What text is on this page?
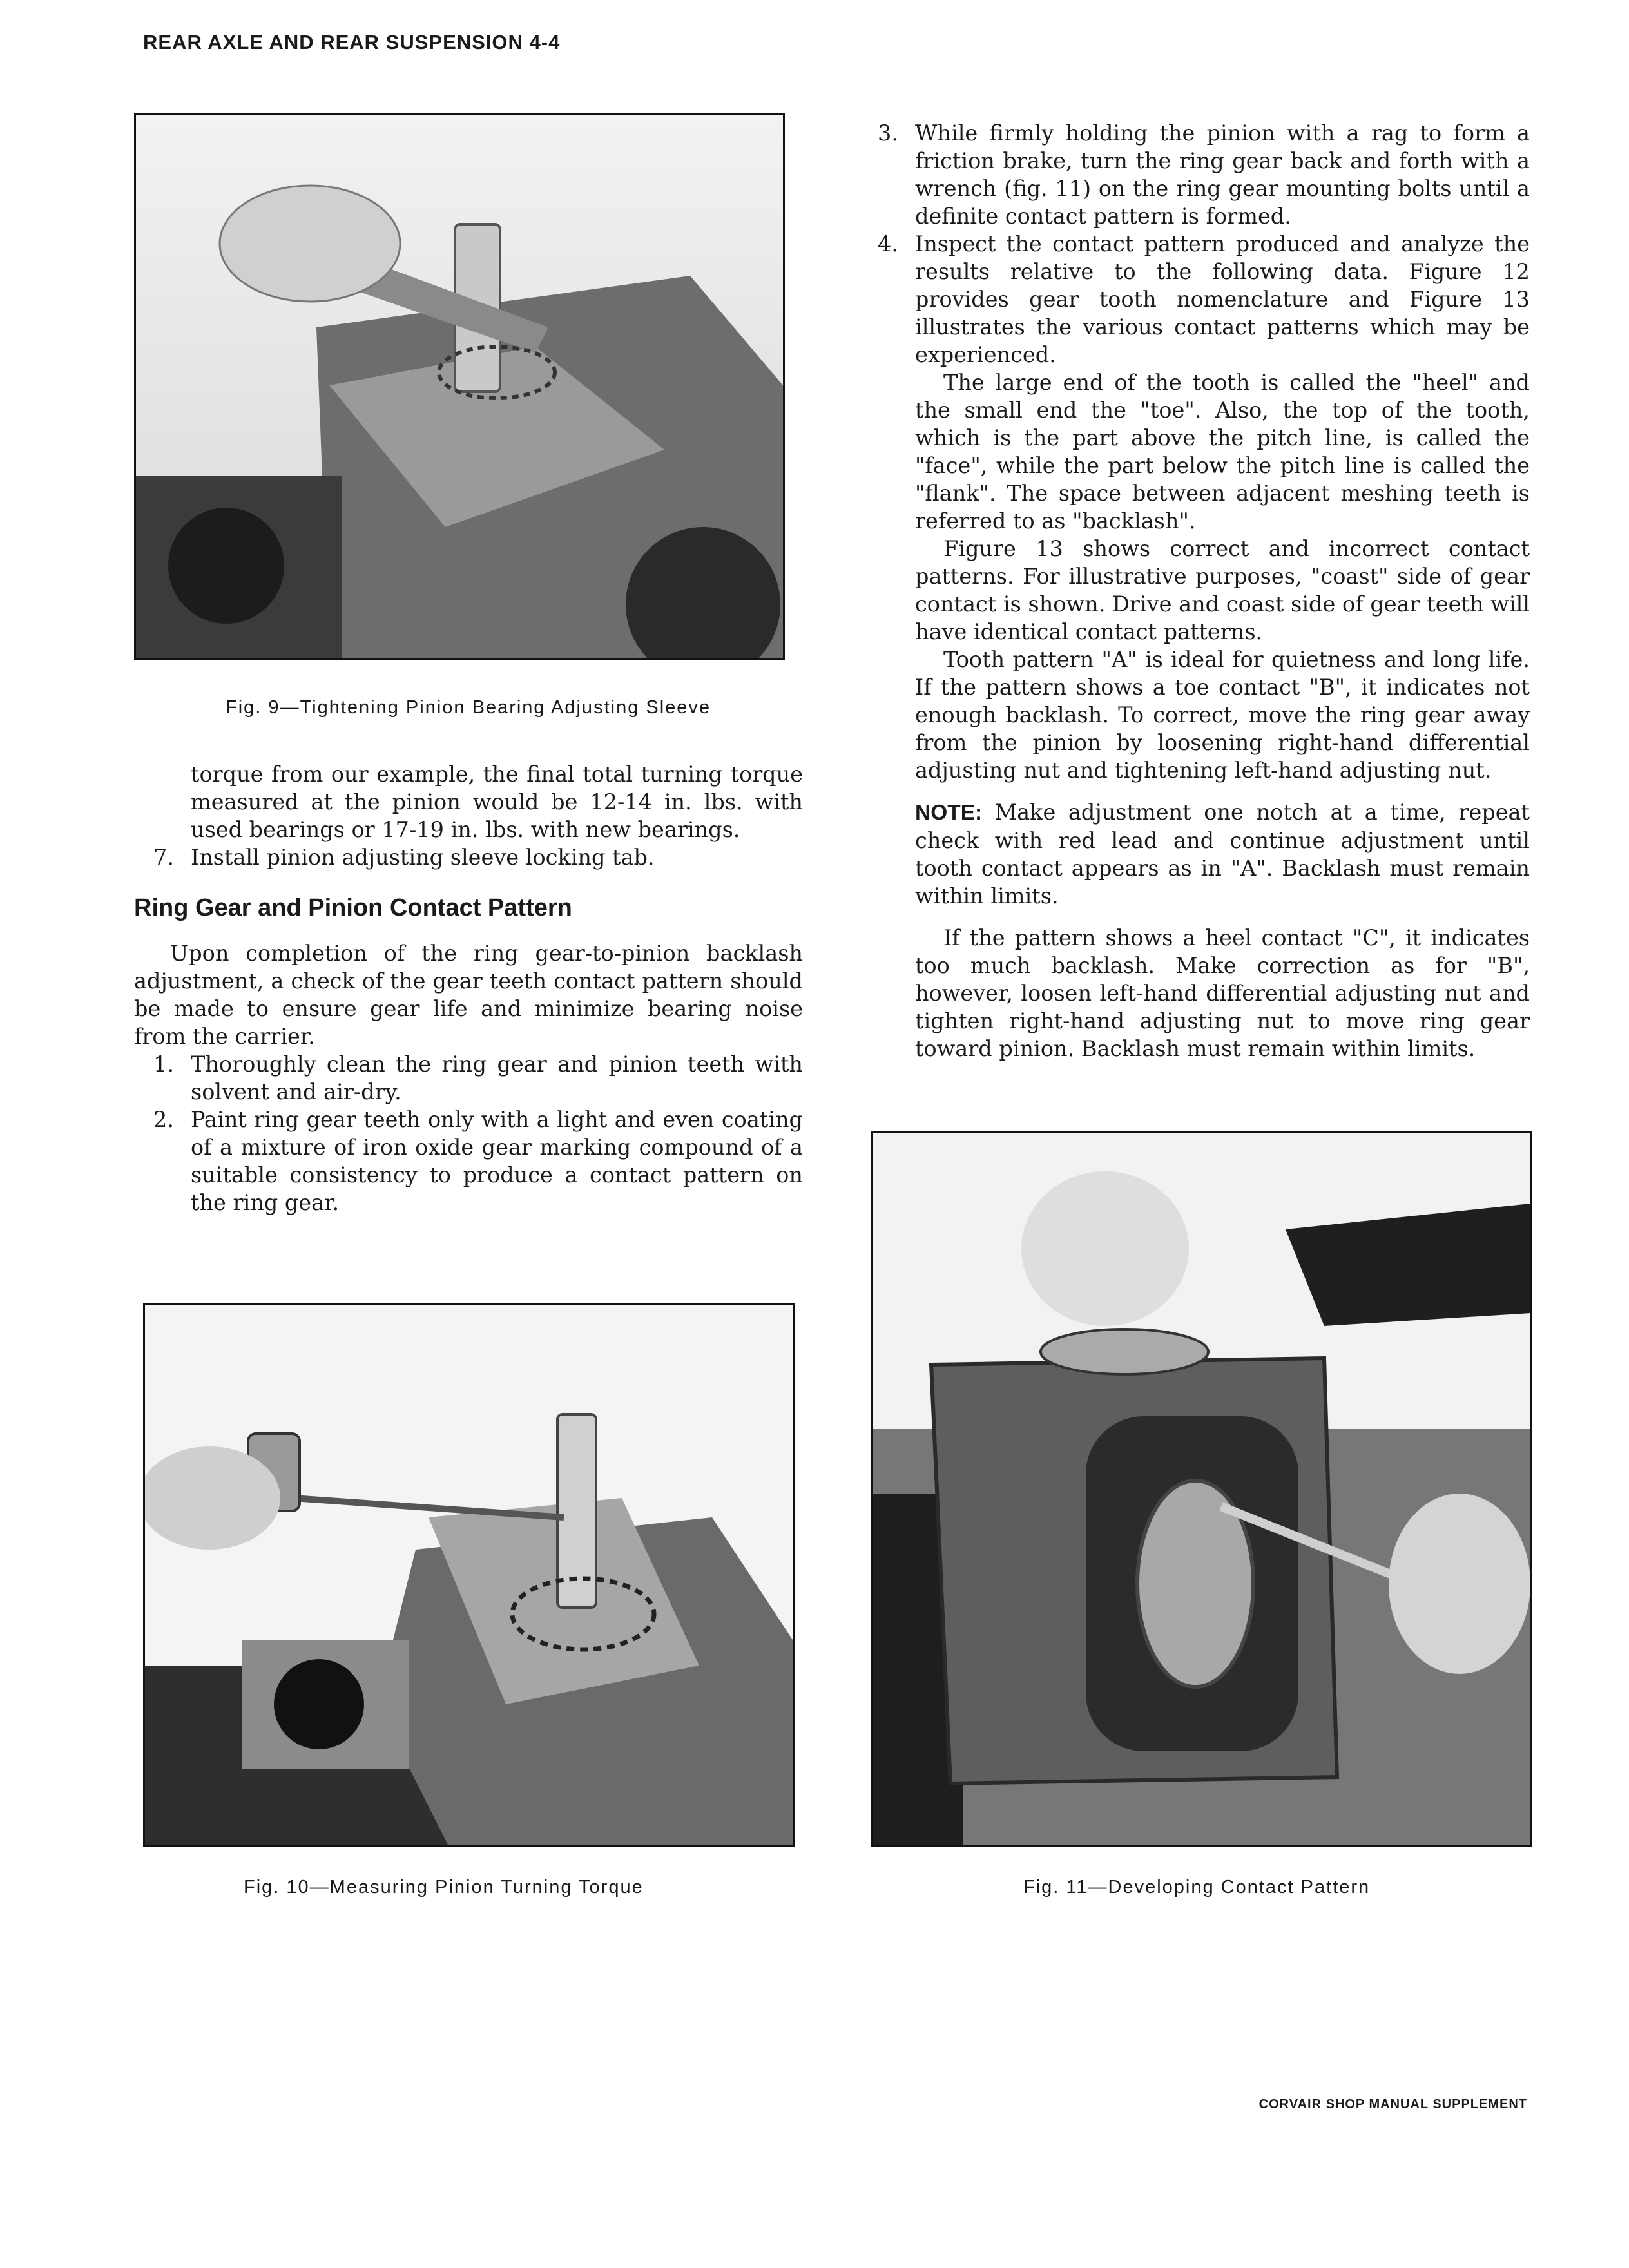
REAR AXLE AND REAR SUSPENSION 4-4
Fig. 9—Tightening Pinion Bearing Adjusting Sleeve

torque from our example, the final total turning torque measured at the pinion would be 12-14 in. lbs. with used bearings or 17-19 in. lbs. with new bearings.

7. Install pinion adjusting sleeve locking tab.

Ring Gear and Pinion Contact Pattern

Upon completion of the ring gear-to-pinion backlash adjustment, a check of the gear teeth contact pattern should be made to ensure gear life and minimize bearing noise from the carrier.

1. Thoroughly clean the ring gear and pinion teeth with solvent and air-dry.
2. Paint ring gear teeth only with a light and even coating of a mixture of iron oxide gear marking compound of a suitable consistency to produce a contact pattern on the ring gear.
Fig. 10—Measuring Pinion Turning Torque
3. While firmly holding the pinion with a rag to form a friction brake, turn the ring gear back and forth with a wrench (fig. 11) on the ring gear mounting bolts until a definite contact pattern is formed.
4. Inspect the contact pattern produced and analyze the results relative to the following data. Figure 12 provides gear tooth nomenclature and Figure 13 illustrates the various contact patterns which may be experienced.

The large end of the tooth is called the "heel" and the small end the "toe". Also, the top of the tooth, which is the part above the pitch line, is called the "face", while the part below the pitch line is called the "flank". The space between adjacent meshing teeth is referred to as "backlash".

Figure 13 shows correct and incorrect contact patterns. For illustrative purposes, "coast" side of gear contact is shown. Drive and coast side of gear teeth will have identical contact patterns.

Tooth pattern "A" is ideal for quietness and long life. If the pattern shows a toe contact "B", it indicates not enough backlash. To correct, move the ring gear away from the pinion by loosening right-hand differential adjusting nut and tightening left-hand adjusting nut.

NOTE: Make adjustment one notch at a time, repeat check with red lead and continue adjustment until tooth contact appears as in "A". Backlash must remain within limits.

If the pattern shows a heel contact "C", it indicates too much backlash. Make correction as for "B", however, loosen left-hand differential adjusting nut and tighten right-hand adjusting nut to move ring gear toward pinion. Backlash must remain within limits.

Fig. 11—Developing Contact Pattern
CORVAIR SHOP MANUAL SUPPLEMENT
